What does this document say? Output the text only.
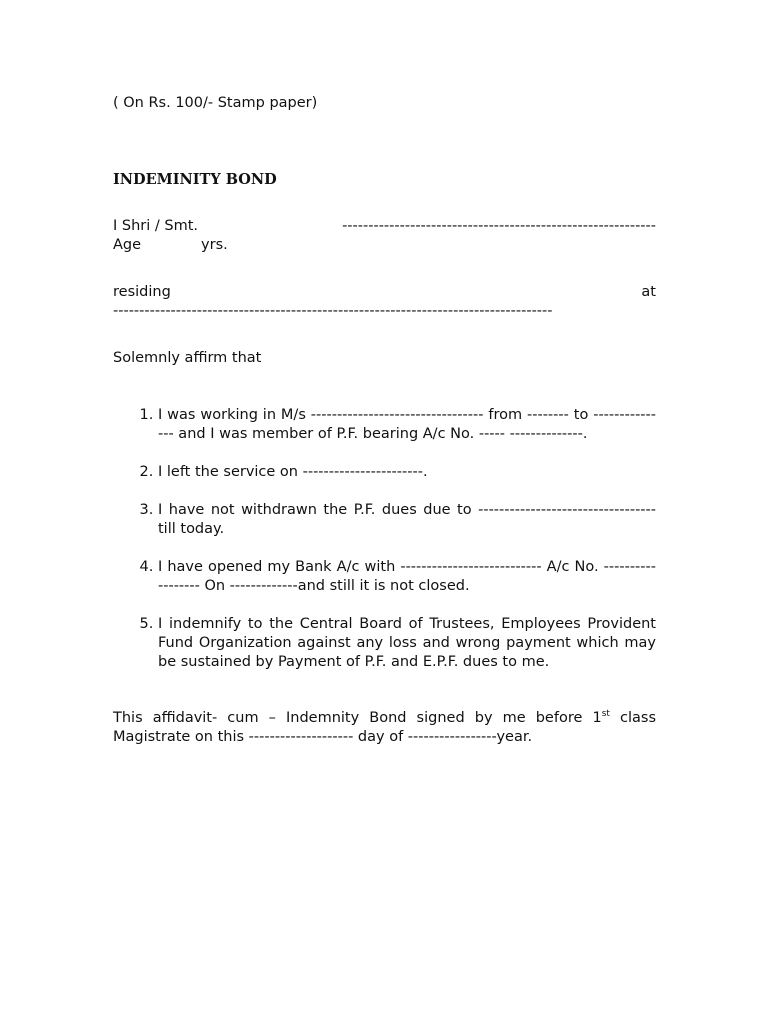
( On Rs. 100/- Stamp paper)

INDEMINITY BOND
I Shri / Smt.	------------------------------------------------------------
Age	yrs.
residing	at
------------------------------------------------------------------------------------

Solemnly affirm that

1. I was working in M/s --------------------------------- from -------- to --------------- and I was member of P.F. bearing A/c No. ----- --------------.
2. I left the service on -----------------------.
3. I have not withdrawn the P.F. dues due to ---------------------------------- till today.
4. I have opened my Bank A/c with --------------------------- A/c No. ------------------ On -------------and still it is not closed.
5. I indemnify to the Central Board of Trustees, Employees Provident Fund Organization against any loss and wrong payment which may be sustained by Payment of P.F. and E.P.F. dues to me.

This affidavit- cum – Indemnity Bond signed by me before 1st class Magistrate on this -------------------- day of -----------------year.
